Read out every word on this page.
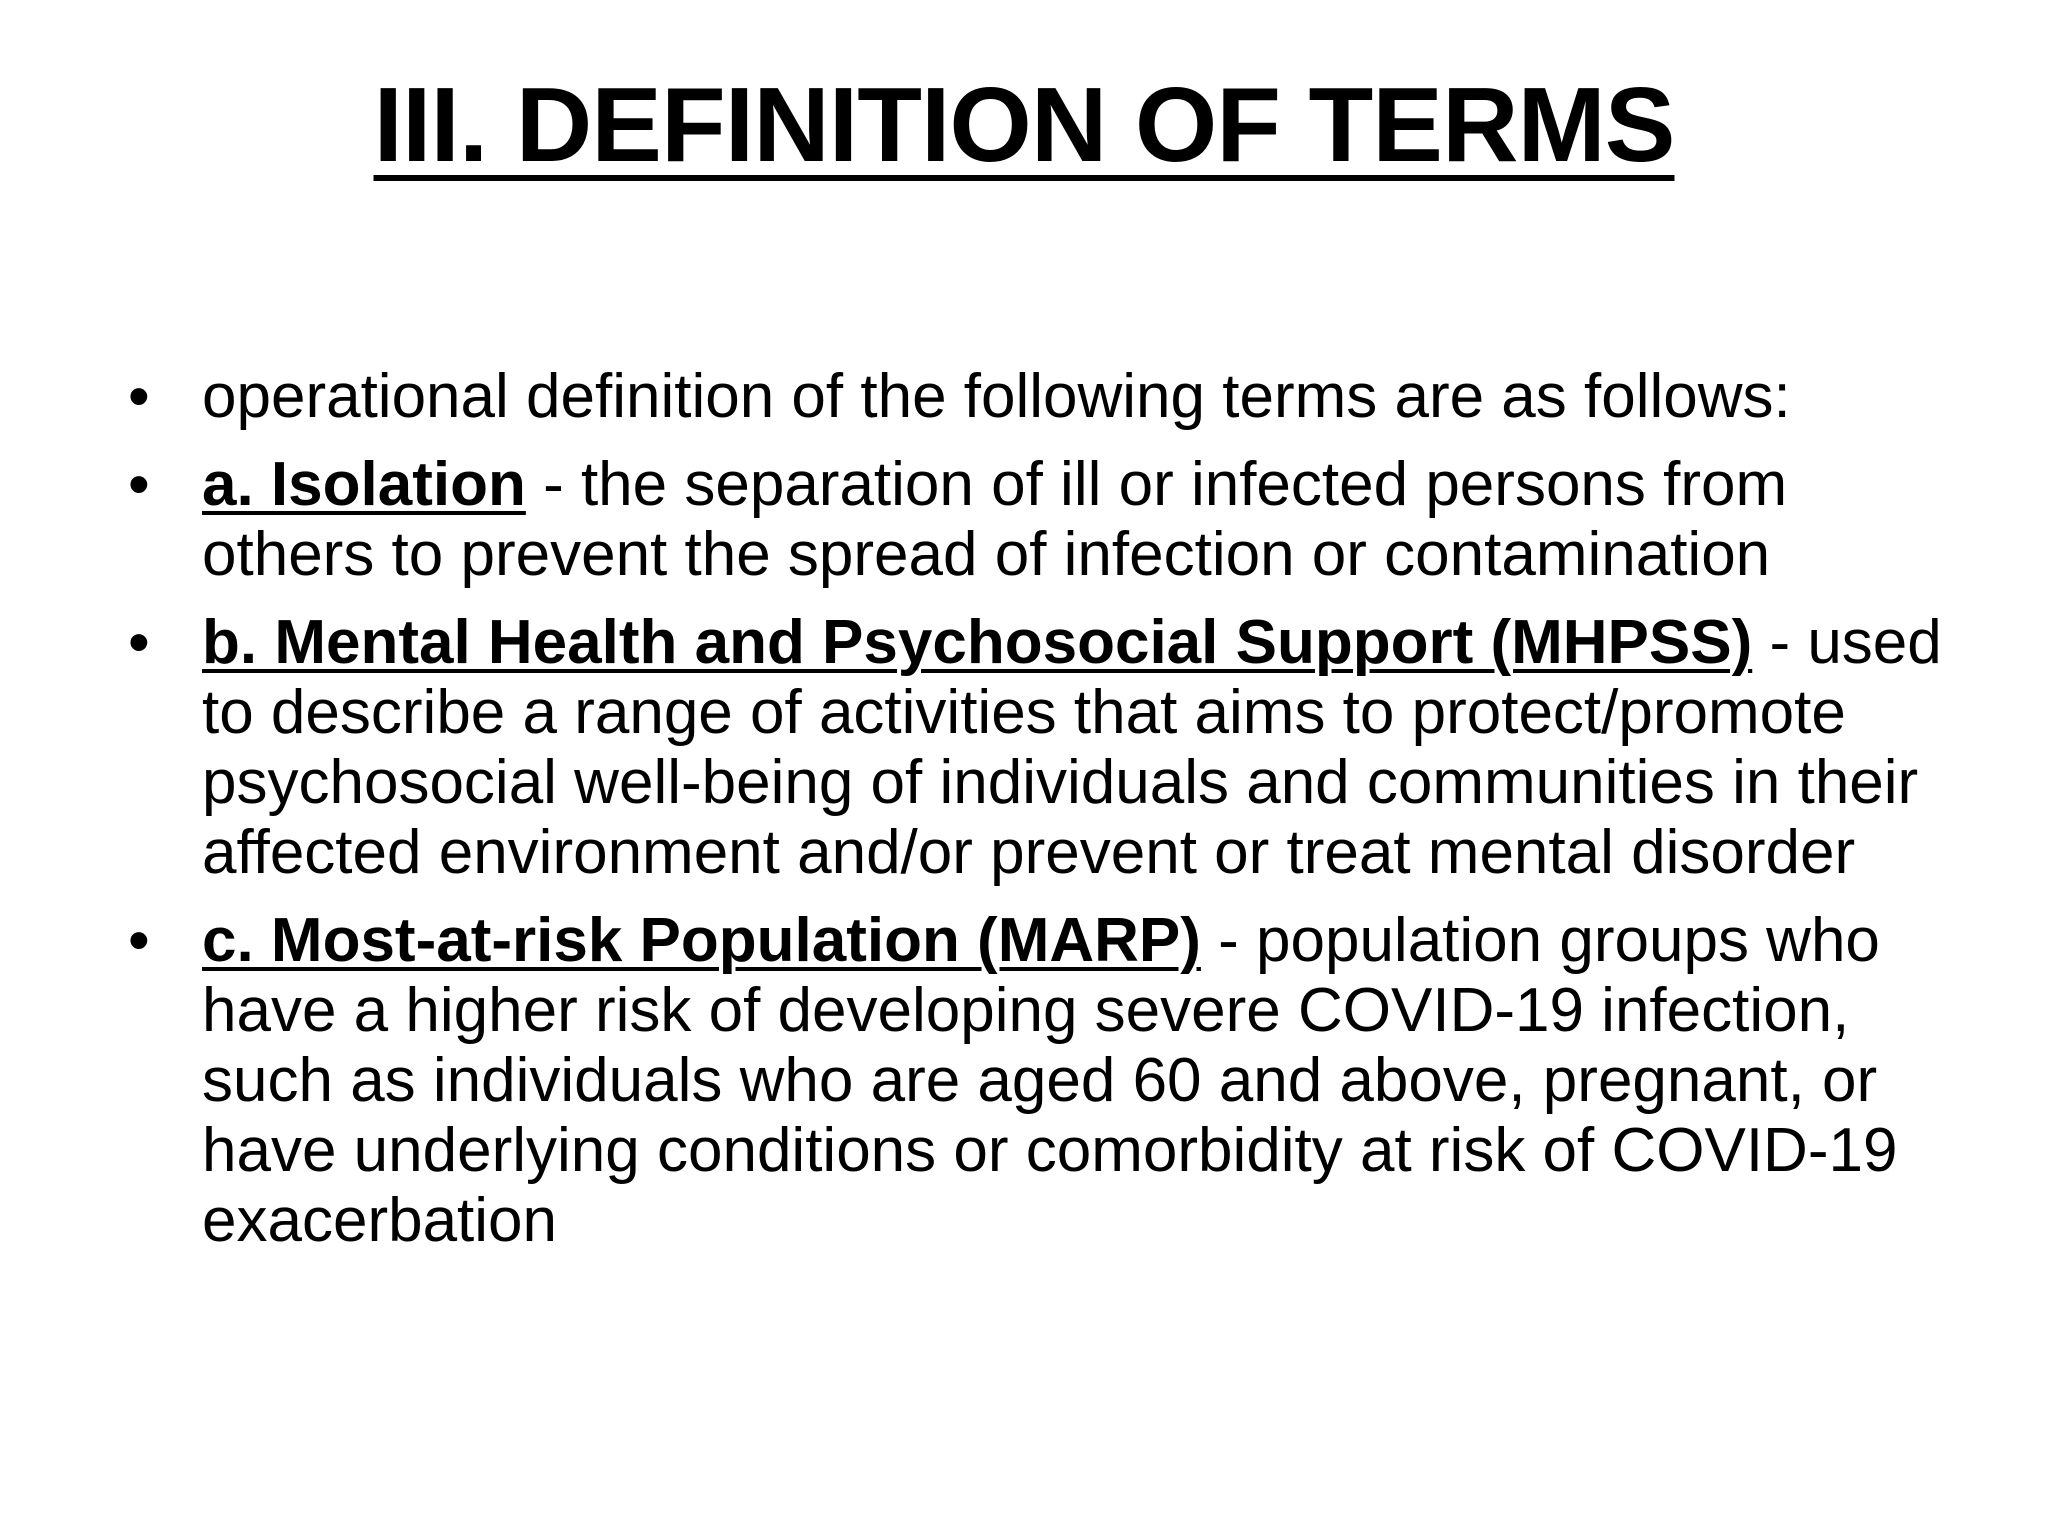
III. DEFINITION OF TERMS
• operational definition of the following terms are as follows:
• a. Isolation - the separation of ill or infected persons from others to prevent the spread of infection or contamination
• b. Mental Health and Psychosocial Support (MHPSS) - used to describe a range of activities that aims to protect/promote psychosocial well-being of individuals and communities in their affected environment and/or prevent or treat mental disorder
• c. Most-at-risk Population (MARP) - population groups who have a higher risk of developing severe COVID-19 infection, such as individuals who are aged 60 and above, pregnant, or have underlying conditions or comorbidity at risk of COVID-19 exacerbation
